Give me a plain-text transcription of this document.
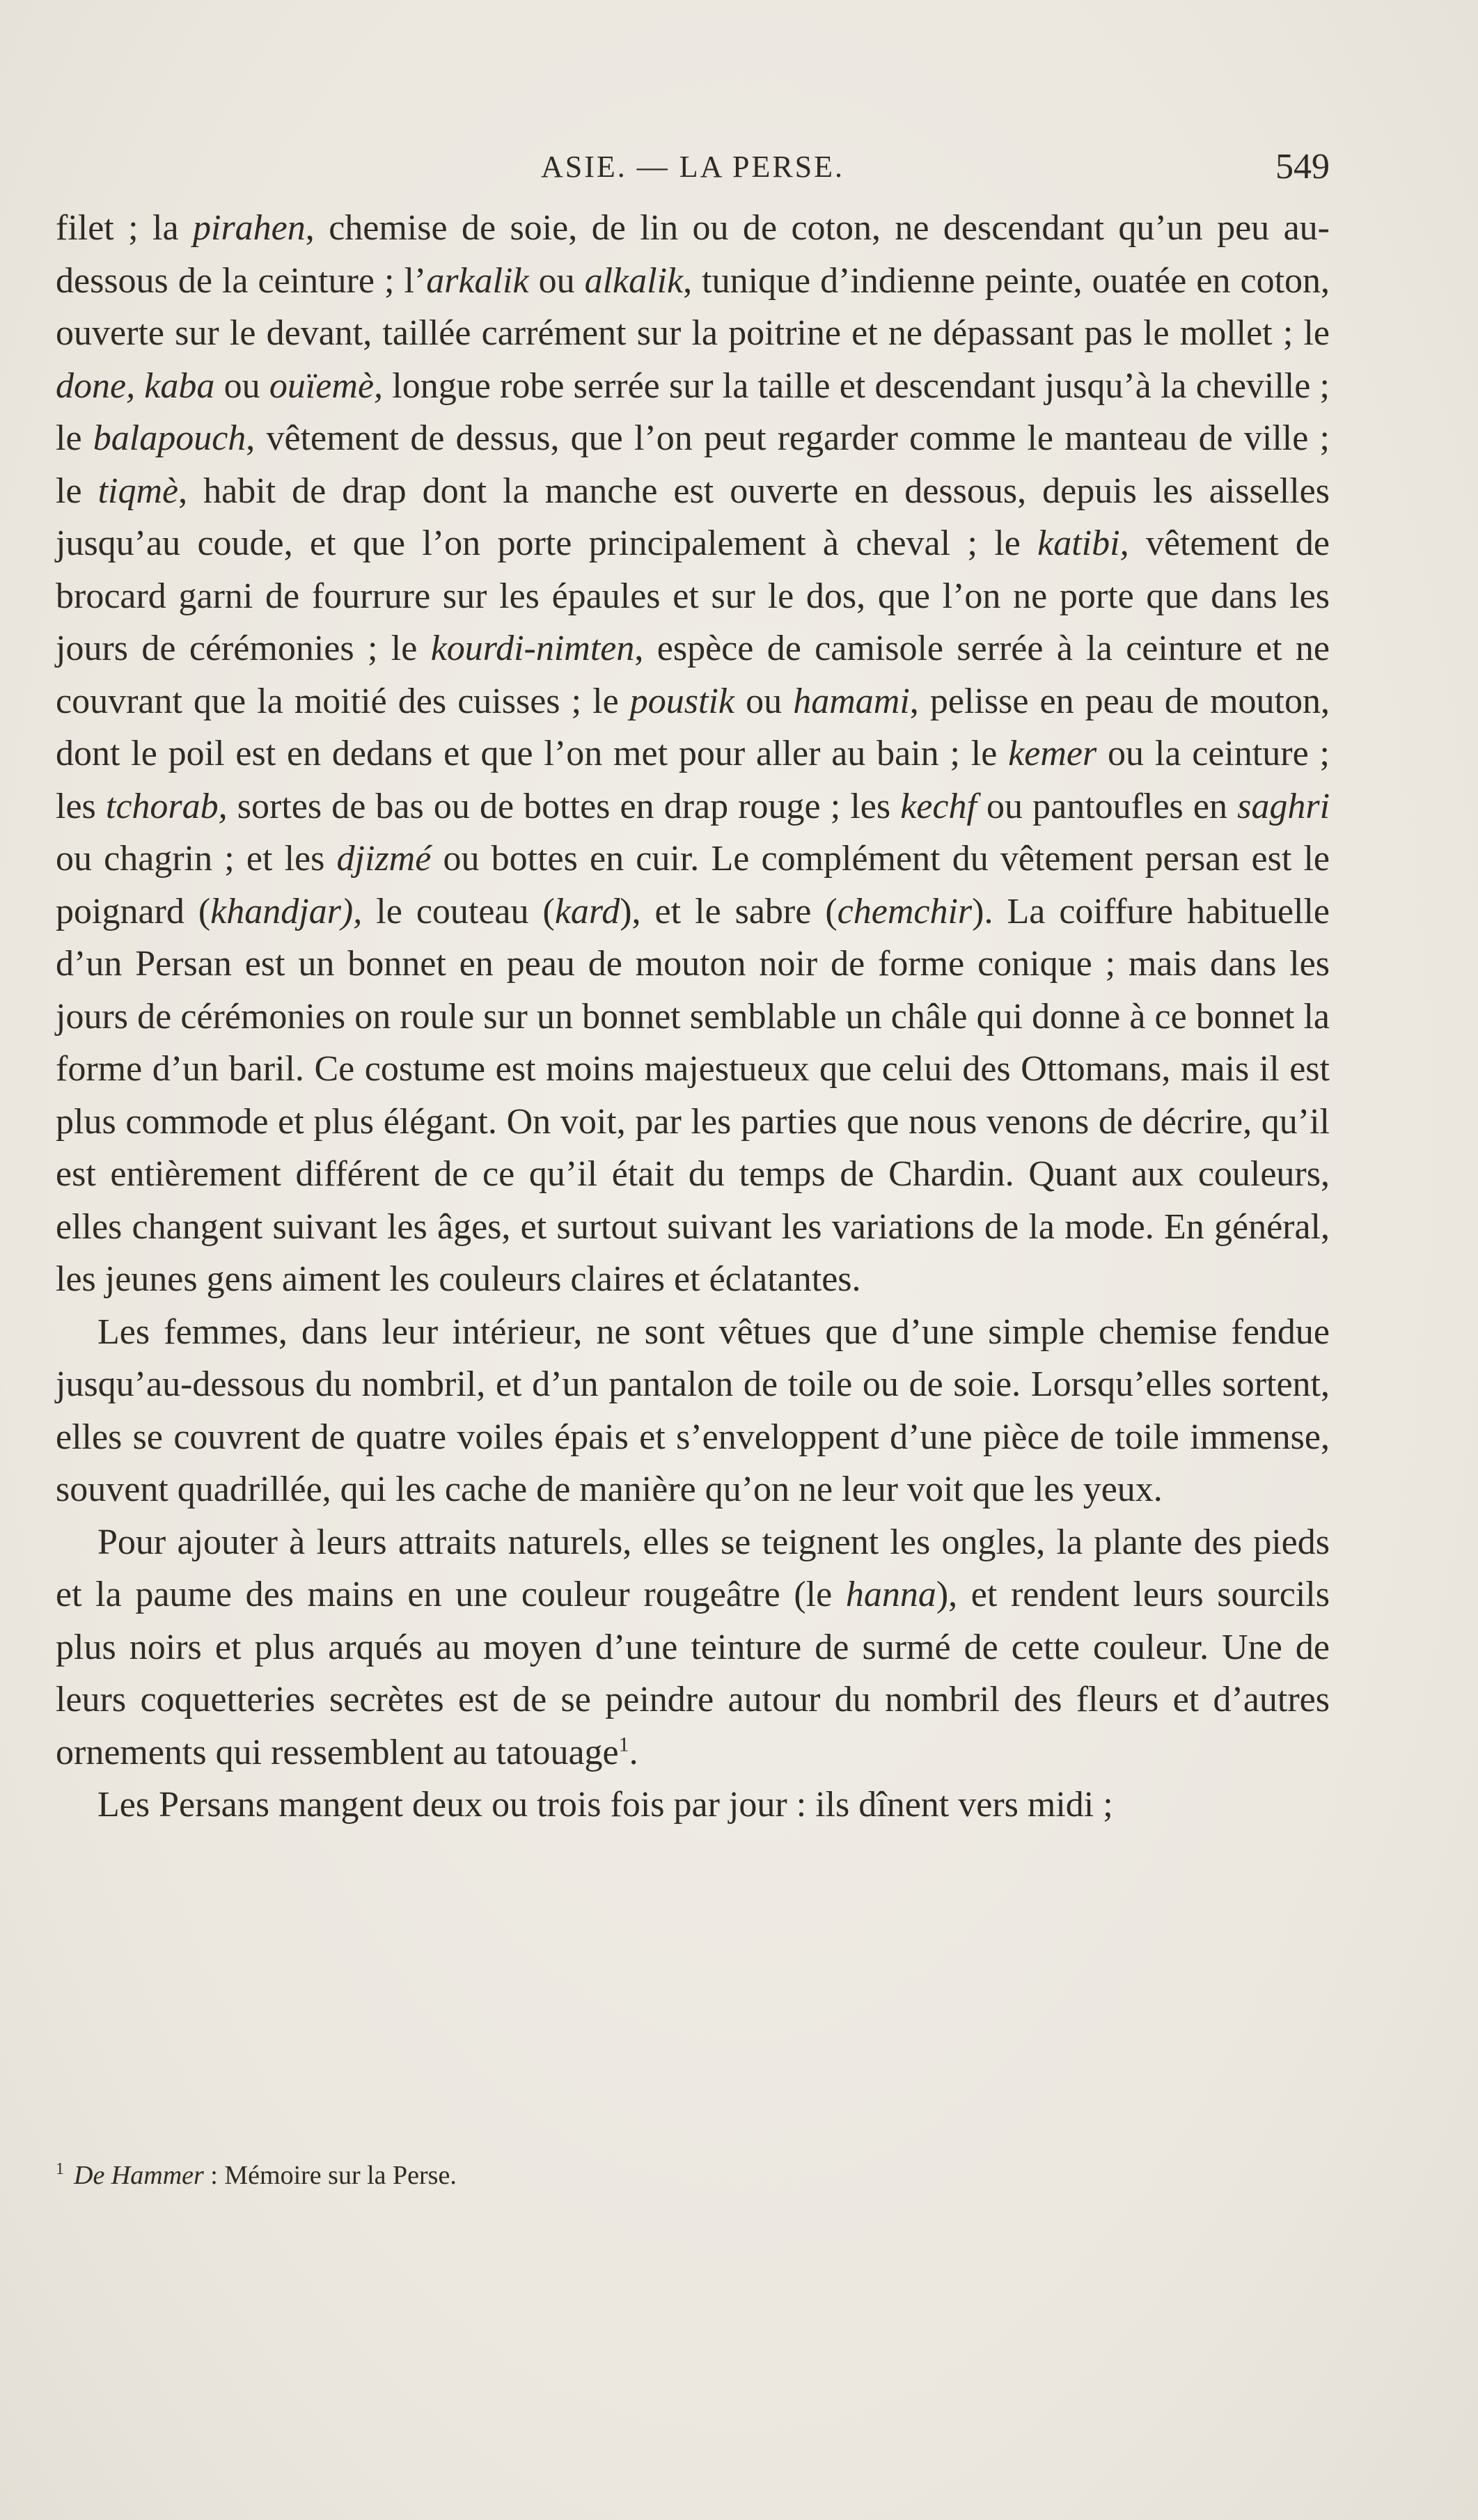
ASIE. — LA PERSE.	549

filet ; la pirahen, chemise de soie, de lin ou de coton, ne descendant qu’un peu au-dessous de la ceinture ; l’arkalik ou alkalik, tunique d’indienne peinte, ouatée en coton, ouverte sur le devant, taillée carrément sur la poitrine et ne dépassant pas le mollet ; le done, kaba ou ouïemè, longue robe serrée sur la taille et descendant jusqu’à la cheville ; le balapouch, vêtement de dessus, que l’on peut regarder comme le manteau de ville ; le tiqmè, habit de drap dont la manche est ouverte en dessous, depuis les aisselles jusqu’au coude, et que l’on porte principalement à cheval ; le katibi, vêtement de brocard garni de fourrure sur les épaules et sur le dos, que l’on ne porte que dans les jours de cérémonies ; le kourdi-nimten, espèce de camisole serrée à la ceinture et ne couvrant que la moitié des cuisses ; le poustik ou hamami, pelisse en peau de mouton, dont le poil est en dedans et que l’on met pour aller au bain ; le kemer ou la ceinture ; les tchorab, sortes de bas ou de bottes en drap rouge ; les kechf ou pantoufles en saghri ou chagrin ; et les djizmé ou bottes en cuir. Le complément du vêtement persan est le poignard (khandjar), le couteau (kard), et le sabre (chemchir). La coiffure habituelle d’un Persan est un bonnet en peau de mouton noir de forme conique ; mais dans les jours de cérémonies on roule sur un bonnet semblable un châle qui donne à ce bonnet la forme d’un baril. Ce costume est moins majestueux que celui des Ottomans, mais il est plus commode et plus élégant. On voit, par les parties que nous venons de décrire, qu’il est entièrement différent de ce qu’il était du temps de Chardin. Quant aux couleurs, elles changent suivant les âges, et surtout suivant les variations de la mode. En général, les jeunes gens aiment les couleurs claires et éclatantes.

Les femmes, dans leur intérieur, ne sont vêtues que d’une simple chemise fendue jusqu’au-dessous du nombril, et d’un pantalon de toile ou de soie. Lorsqu’elles sortent, elles se couvrent de quatre voiles épais et s’enveloppent d’une pièce de toile immense, souvent quadrillée, qui les cache de manière qu’on ne leur voit que les yeux.

Pour ajouter à leurs attraits naturels, elles se teignent les ongles, la plante des pieds et la paume des mains en une couleur rougeâtre (le hanna), et rendent leurs sourcils plus noirs et plus arqués au moyen d’une teinture de surmé de cette couleur. Une de leurs coquetteries secrètes est de se peindre autour du nombril des fleurs et d’autres ornements qui ressemblent au tatouage$^1$.

Les Persans mangent deux ou trois fois par jour : ils dînent vers midi ;

$^1$ De Hammer : Mémoire sur la Perse.
